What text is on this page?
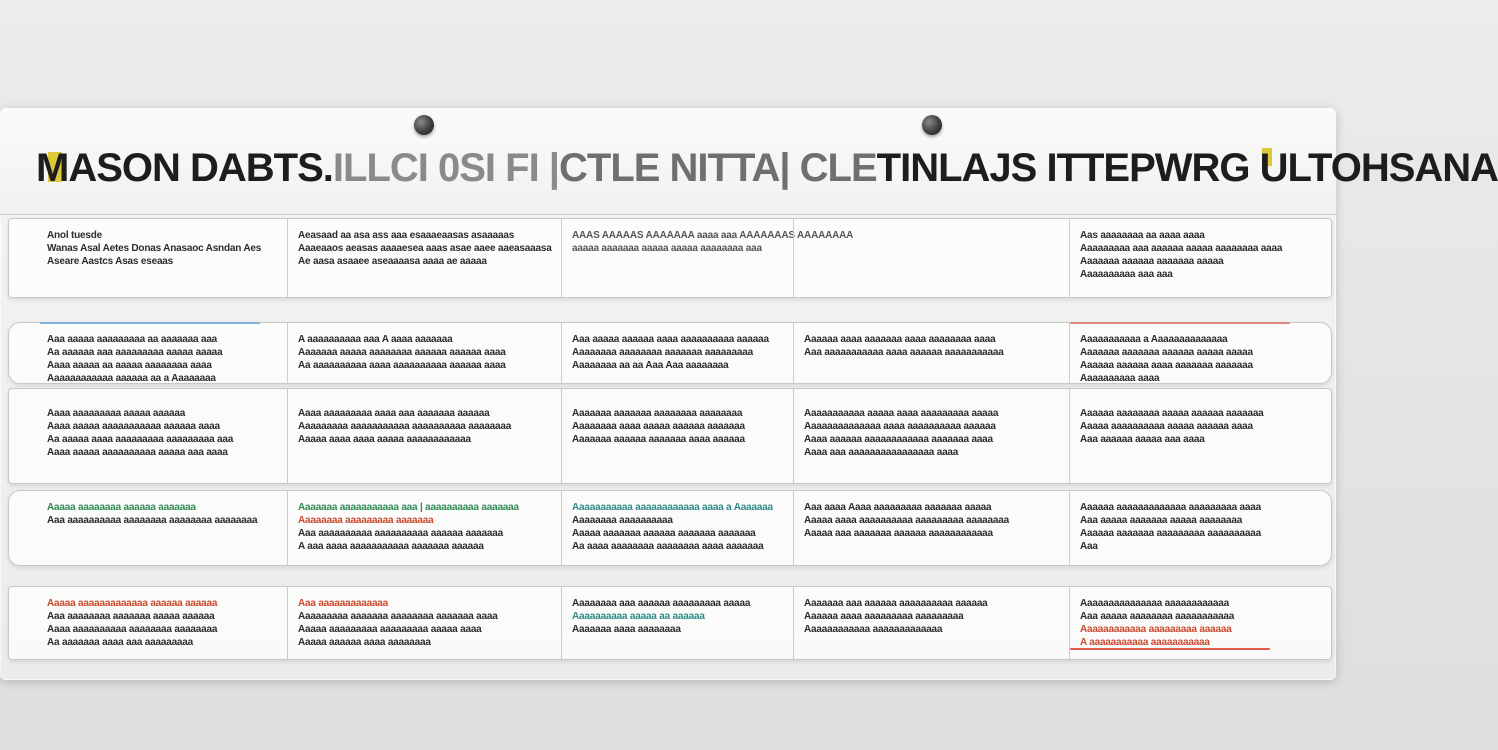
MASON DABTS. ILLCI 0SI FI | CTLE NITTA | CLE TINLAJS ITTEPWRG ULTOHSANA
Anol tuesde
Wanas Asal Aetes Donas Anasaoc Asndan Aes
Aseare Aastcs Asas eseaas
Aeasaad aa asa ass aaa esaaaeaasas asaaaaas
Aaaeaaos aeasas aaaaesea aaas asae aaee aaeasaaasa
Ae aasa asaaee aseaaaasa aaaa ae aaaaa
AAAS AAAAAS AAAAAAA aaaa aaa AAAAAAAS AAAAAAAA
aaaaa aaaaaaa aaaaa aaaaa aaaaaaaa aaa
Aas aaaaaaaa aa aaaa aaaa
Aaaaaaaaa aaa aaaaaa aaaaa aaaaaaaa aaaa
Aaaaaaa aaaaaa aaaaaaa aaaaa
Aaaaaaaaaa aaa aaa
Aaa aaaaa aaaaaaaaa aa aaaaaaa aaa
Aa aaaaaa aaa aaaaaaaaa aaaaa aaaaa
Aaaa aaaaa aa aaaaa aaaaaaaa aaaa
Aaaaaaaaaaaa aaaaaa aa a Aaaaaaaa
A aaaaaaaaaa aaa A aaaa aaaaaaa
Aaaaaaa aaaaa aaaaaaaa aaaaaa aaaaaa aaaa
Aa aaaaaaaaaa aaaa aaaaaaaaaa aaaaaa aaaa
Aaa aaaaa aaaaaa aaaa aaaaaaaaaa aaaaaa
Aaaaaaaa aaaaaaaa aaaaaaa aaaaaaaaa
Aaaaaaaa aa aa Aaa Aaa aaaaaaaa
Aaaaaa aaaa aaaaaaa aaaa aaaaaaaa aaaa
Aaa aaaaaaaaaaa aaaa aaaaaa aaaaaaaaaaa
Aaaaaaaaaaa a Aaaaaaaaaaaaaa
Aaaaaaa aaaaaaa aaaaaa aaaaa aaaaa
Aaaaaa aaaaaa aaaa aaaaaaa aaaaaaa
Aaaaaaaaaa aaaa
Aaaa aaaaaaaaa aaaaa aaaaaa
Aaaa aaaaa aaaaaaaaaaa aaaaaa aaaa
Aa aaaaa aaaa aaaaaaaaa aaaaaaaaa aaa
Aaaa aaaaa aaaaaaaaaa aaaaa aaa aaaa
Aaaa aaaaaaaaa aaaa aaa aaaaaaa aaaaaa
Aaaaaaaaa aaaaaaaaaaa aaaaaaaaaa aaaaaaaa
Aaaaa aaaa aaaa aaaaa aaaaaaaaaaaa
Aaaaaaa aaaaaaa aaaaaaaa aaaaaaaa
Aaaaaaaa aaaa aaaaa aaaaaa aaaaaaa
Aaaaaaa aaaaaa aaaaaaa aaaa aaaaaa
Aaaaaaaaaaa aaaaa aaaa aaaaaaaaa aaaaa
Aaaaaaaaaaaaaa aaaa aaaaaaaaaa aaaaaa
Aaaa aaaaaa aaaaaaaaaaaa aaaaaaa aaaa
Aaaa aaa aaaaaaaaaaaaaaaa aaaa
Aaaaaa aaaaaaaa aaaaa aaaaaa aaaaaaa
Aaaaa aaaaaaaaaa aaaaa aaaaaa aaaa
Aaa aaaaaa aaaaa aaa aaaa
Aaaaa aaaaaaaa aaaaaa aaaaaaa
Aaa aaaaaaaaaa aaaaaaaa aaaaaaaa aaaaaaaa
Aaaaaaa aaaaaaaaaaa aaa | aaaaaaaaaa aaaaaaa
Aaaaaaaa aaaaaaaaa aaaaaaa
Aaa aaaaaaaaaa aaaaaaaaaa aaaaaa aaaaaaa
A aaa aaaa aaaaaaaaaaa aaaaaaa aaaaaa
Aaaaaaaaaaa aaaaaaaaaaaa aaaa a Aaaaaaa
Aaaaaaaa aaaaaaaaaa
Aaaaa aaaaaaa aaaaaa aaaaaaa aaaaaaa
Aa aaaa aaaaaaaa aaaaaaaa aaaa aaaaaaa
Aaa aaaa Aaaa aaaaaaaaa aaaaaaa aaaaa
Aaaaa aaaa aaaaaaaaaa aaaaaaaaa aaaaaaaa
Aaaaa aaa aaaaaaa aaaaaa aaaaaaaaaaaa
Aaaaaa aaaaaaaaaaaaa aaaaaaaaa aaaa
Aaa aaaaa aaaaaaa aaaaa aaaaaaaa
Aaaaaa aaaaaaa aaaaaaaaa aaaaaaaaaa
Aaa
Aaaaa aaaaaaaaaaaaa aaaaaa aaaaaa
Aaa aaaaaaaa aaaaaaa aaaaa aaaaaa
Aaaa aaaaaaaaaa aaaaaaaa aaaaaaaa
Aa aaaaaaa aaaa aaa aaaaaaaaa
Aaa aaaaaaaaaaaaa
Aaaaaaaaa aaaaaaa aaaaaaaa aaaaaaa aaaa
Aaaaa aaaaaaaaa aaaaaaaaa aaaaa aaaa
Aaaaa aaaaaa aaaa aaaaaaaa
Aaaaaaaa aaa aaaaaa aaaaaaaaa aaaaa
Aaaaaaaaaa aaaaa aa aaaaaa
Aaaaaaa aaaa aaaaaaaa
Aaaaaaa aaa aaaaaa aaaaaaaaaa aaaaaa
Aaaaaa aaaa aaaaaaaaa aaaaaaaaa
Aaaaaaaaaaaa aaaaaaaaaaaaa
Aaaaaaaaaaaaaaa aaaaaaaaaaaa
Aaa aaaaa aaaaaaaa aaaaaaaaaaa
Aaaaaaaaaaaa aaaaaaaaa aaaaaa
A aaaaaaaaaaa aaaaaaaaaaa
